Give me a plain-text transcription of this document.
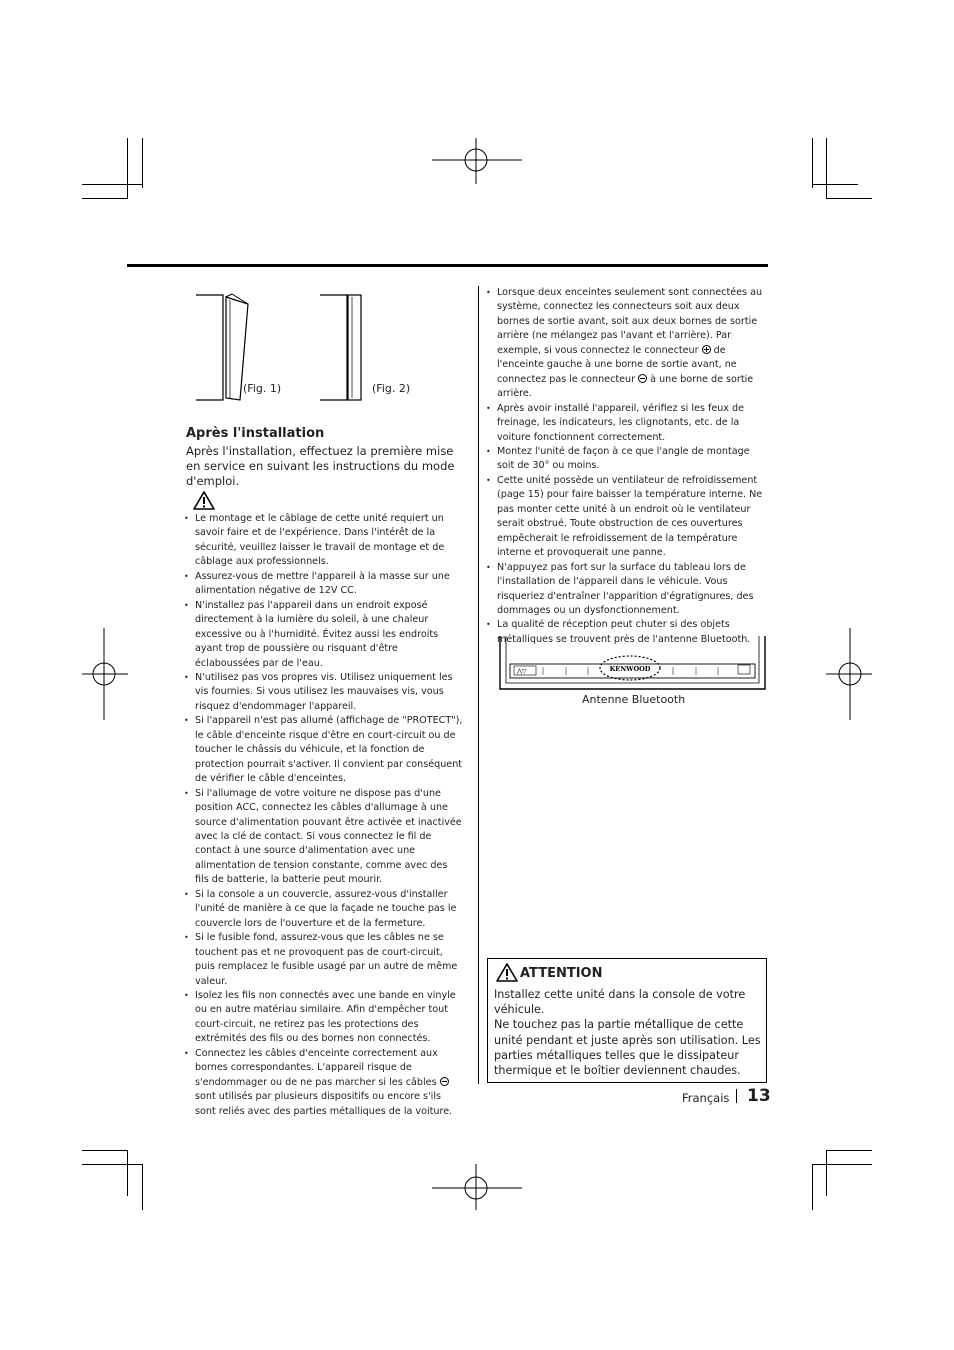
(Fig. 1)	(Fig. 2)
Après l'installation

Après l'installation, effectuez la première mise en service en suivant les instructions du mode d'emploi.

• Le montage et le câblage de cette unité requiert un savoir faire et de l'expérience. Dans l'intérêt de la sécurité, veuillez laisser le travail de montage et de câblage aux professionnels.
• Assurez-vous de mettre l'appareil à la masse sur une alimentation négative de 12V CC.
• N'installez pas l'appareil dans un endroit exposé directement à la lumière du soleil, à une chaleur excessive ou à l'humidité. Évitez aussi les endroits ayant trop de poussière ou risquant d'être éclaboussées par de l'eau.
• N'utilisez pas vos propres vis. Utilisez uniquement les vis fournies. Si vous utilisez les mauvaises vis, vous risquez d'endommager l'appareil.
• Si l'appareil n'est pas allumé (affichage de "PROTECT"), le câble d'enceinte risque d'être en court-circuit ou de toucher le châssis du véhicule, et la fonction de protection pourrait s'activer. Il convient par conséquent de vérifier le câble d'enceintes.
• Si l'allumage de votre voiture ne dispose pas d'une position ACC, connectez les câbles d'allumage à une source d'alimentation pouvant être activée et inactivée avec la clé de contact. Si vous connectez le fil de contact à une source d'alimentation avec une alimentation de tension constante, comme avec des fils de batterie, la batterie peut mourir.
• Si la console a un couvercle, assurez-vous d'installer l'unité de manière à ce que la façade ne touche pas le couvercle lors de l'ouverture et de la fermeture.
• Si le fusible fond, assurez-vous que les câbles ne se touchent pas et ne provoquent pas de court-circuit, puis remplacez le fusible usagé par un autre de même valeur.
• Isolez les fils non connectés avec une bande en vinyle ou en autre matériau similaire. Afin d'empêcher tout court-circuit, ne retirez pas les protections des extrémités des fils ou des bornes non connectés.
• Connectez les câbles d'enceinte correctement aux bornes correspondantes. L'appareil risque de s'endommager ou de ne pas marcher si les câbles  sont utilisés par plusieurs dispositifs ou encore s'ils sont reliés avec des parties métalliques de la voiture.
• Lorsque deux enceintes seulement sont connectées au système, connectez les connecteurs soit aux deux bornes de sortie avant, soit aux deux bornes de sortie arrière (ne mélangez pas l'avant et l'arrière). Par exemple, si vous connectez le connecteur de l'enceinte gauche à une borne de sortie avant, ne connectez pas le connecteur à une borne de sortie arrière.
• Après avoir installé l'appareil, vérifiez si les feux de freinage, les indicateurs, les clignotants, etc. de la voiture fonctionnent correctement.
• Montez l'unité de façon à ce que l'angle de montage soit de 30° ou moins.
• Cette unité possède un ventilateur de refroidissement (page 15) pour faire baisser la température interne. Ne pas monter cette unité à un endroit où le ventilateur serait obstrué. Toute obstruction de ces ouvertures empêcherait le refroidissement de la température interne et provoquerait une panne.
• N'appuyez pas fort sur la surface du tableau lors de l'installation de l'appareil dans le véhicule. Vous risqueriez d'entraîner l'apparition d'égratignures, des dommages ou un dysfonctionnement.
• La qualité de réception peut chuter si des objets métalliques se trouvent près de l'antenne Bluetooth.
⋀▽	KENWOOD
Antenne Bluetooth
ATTENTION
Installez cette unité dans la console de votre véhicule.
Ne touchez pas la partie métallique de cette unité pendant et juste après son utilisation. Les parties métalliques telles que le dissipateur thermique et le boîtier deviennent chaudes.
Français 13
